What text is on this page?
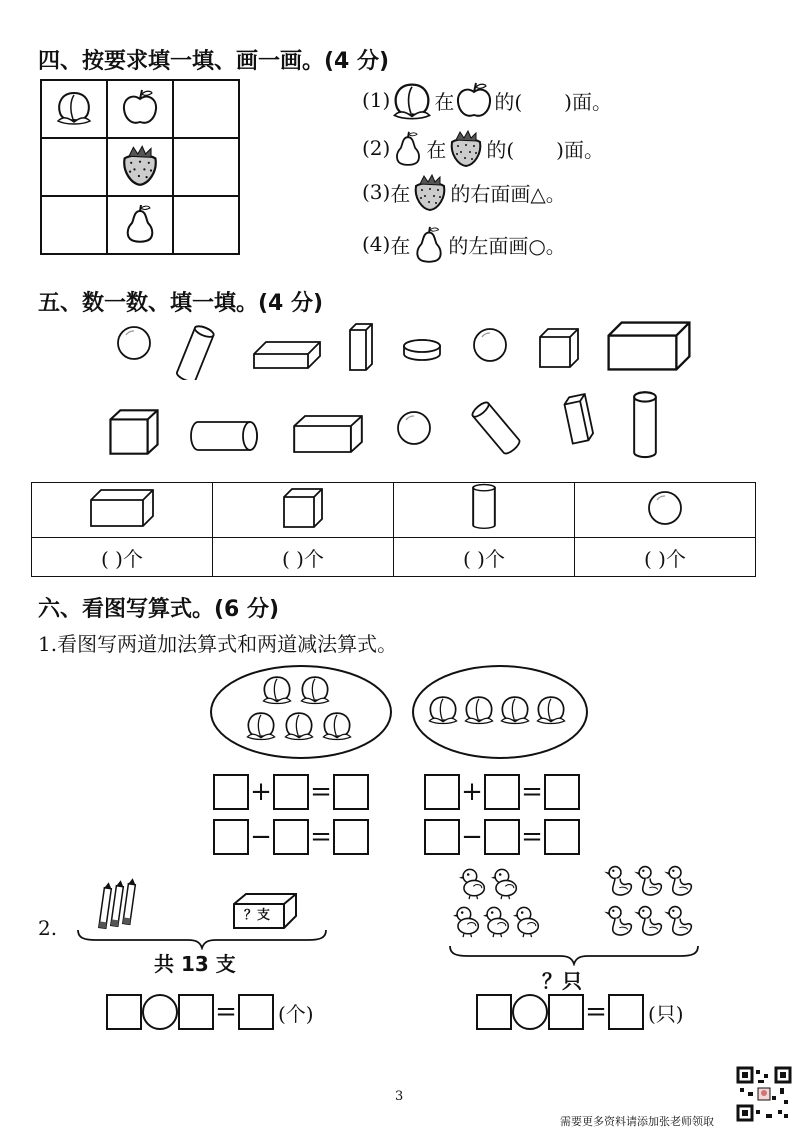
四、按要求填一填、画一画。(4 分)

(1) 在 的( )面。
(2) 在 的( )面。
(3) 在 的右面画△。
(4) 在 的左面画○。
五、数一数、填一填。(4 分)

( )个	( )个	( )个	( )个
六、看图写算式。(6 分)
1.看图写两道加法算式和两道减法算式。
+ =
− =
+ =
− =
2.
？支
共 13 支
= (个)
？只
= (只)
3
需要更多资料请添加张老师领取
